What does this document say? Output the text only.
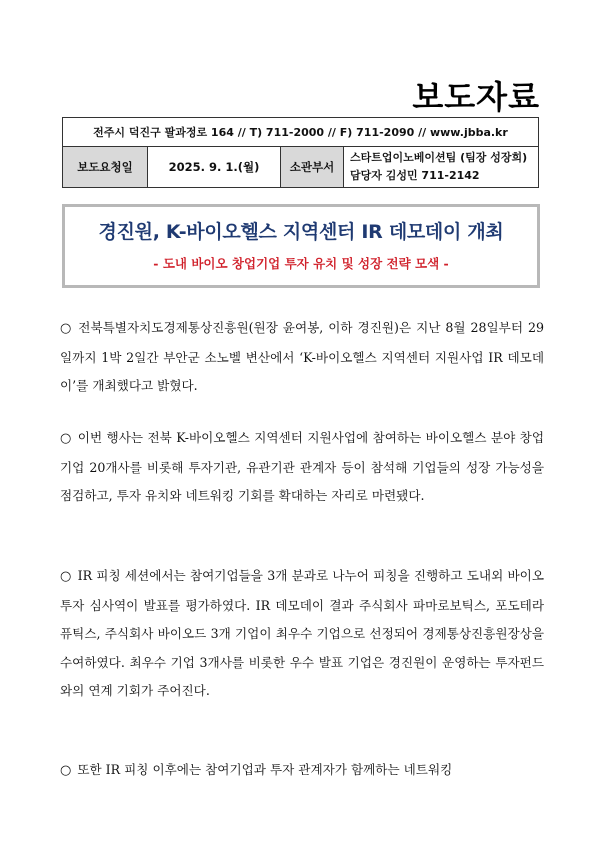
보도자료
전주시 덕진구 팔과정로 164 // T) 711-2000 // F) 711-2090 // www.jbba.kr
보도요청일	2025. 9. 1.(월)	소관부서	
스타트업이노베이션팀 (팀장 성장희)
담당자 김성민 711-2142
경진원, K-바이오헬스 지역센터 IR 데모데이 개최
- 도내 바이오 창업기업 투자 유치 및 성장 전략 모색 -
○ 전북특별자치도경제통상진흥원(원장 윤여봉, 이하 경진원)은 지난 8월 28일부터 29일까지 1박 2일간 부안군 소노벨 변산에서 ‘K-바이오헬스 지역센터 지원사업 IR 데모데이’를 개최했다고 밝혔다.
○ 이번 행사는 전북 K-바이오헬스 지역센터 지원사업에 참여하는 바이오헬스 분야 창업기업 20개사를 비롯해 투자기관, 유관기관 관계자 등이 참석해 기업들의 성장 가능성을 점검하고, 투자 유치와 네트워킹 기회를 확대하는 자리로 마련됐다.
○ IR 피칭 세션에서는 참여기업들을 3개 분과로 나누어 피칭을 진행하고 도내외 바이오 투자 심사역이 발표를 평가하였다. IR 데모데이 결과 주식회사 파마로보틱스, 포도테라퓨틱스, 주식회사 바이오드 3개 기업이 최우수 기업으로 선정되어 경제통상진흥원장상을 수여하였다. 최우수 기업 3개사를 비롯한 우수 발표 기업은 경진원이 운영하는 투자펀드와의 연계 기회가 주어진다.
○ 또한 IR 피칭 이후에는 참여기업과 투자 관계자가 함께하는 네트워킹
